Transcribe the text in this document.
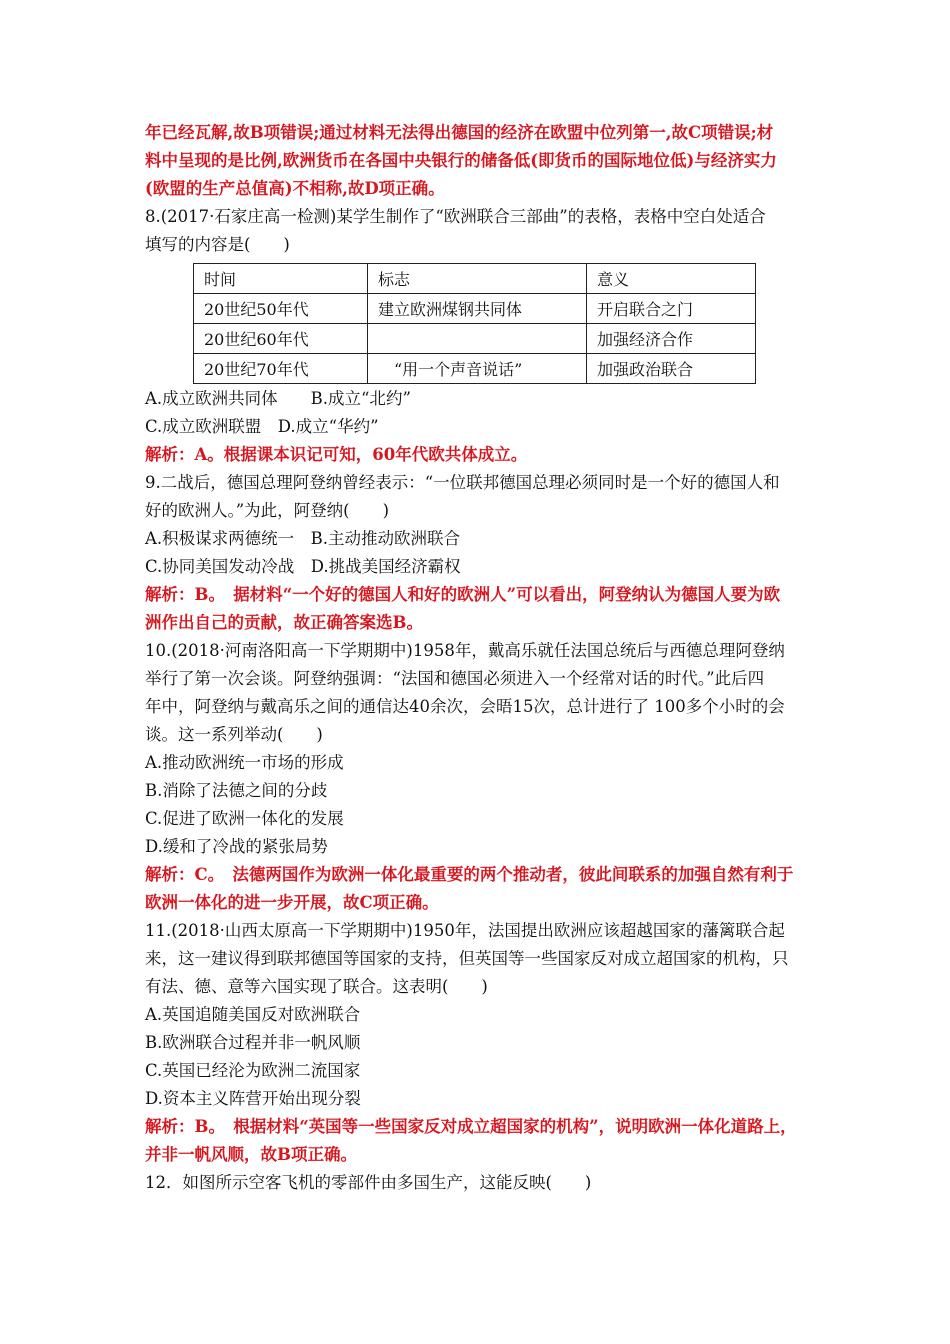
年已经瓦解,故B项错误;通过材料无法得出德国的经济在欧盟中位列第一,故C项错误;材
料中呈现的是比例,欧洲货币在各国中央银行的储备低(即货币的国际地位低)与经济实力
(欧盟的生产总值高)不相称,故D项正确。
8.(2017·石家庄高一检测)某学生制作了“欧洲联合三部曲”的表格，表格中空白处适合
填写的内容是(　　)
时间	标志	意义
20世纪50年代	建立欧洲煤钢共同体	开启联合之门
20世纪60年代		加强经济合作
20世纪70年代	　“用一个声音说话”	加强政治联合
A.成立欧洲共同体　　B.成立“北约”
C.成立欧洲联盟　D.成立“华约”
解析：A。根据课本识记可知，60年代欧共体成立。
9.二战后，德国总理阿登纳曾经表示：“一位联邦德国总理必须同时是一个好的德国人和
好的欧洲人。”为此，阿登纳(　　)
A.积极谋求两德统一　B.主动推动欧洲联合
C.协同美国发动冷战　D.挑战美国经济霸权
解析：B。　据材料“一个好的德国人和好的欧洲人”可以看出，阿登纳认为德国人要为欧
洲作出自己的贡献，故正确答案选B。
10.(2018·河南洛阳高一下学期期中)1958年，戴高乐就任法国总统后与西德总理阿登纳
举行了第一次会谈。阿登纳强调：“法国和德国必须进入一个经常对话的时代。”此后四
年中，阿登纳与戴高乐之间的通信达40余次，会晤15次，总计进行了 100多个小时的会
谈。这一系列举动(　　)
A.推动欧洲统一市场的形成
B.消除了法德之间的分歧
C.促进了欧洲一体化的发展
D.缓和了冷战的紧张局势
解析：C。　法德两国作为欧洲一体化最重要的两个推动者，彼此间联系的加强自然有利于
欧洲一体化的进一步开展，故C项正确。
11.(2018·山西太原高一下学期期中)1950年，法国提出欧洲应该超越国家的藩篱联合起
来，这一建议得到联邦德国等国家的支持，但英国等一些国家反对成立超国家的机构，只
有法、德、意等六国实现了联合。这表明(　　)
A.英国追随美国反对欧洲联合
B.欧洲联合过程并非一帆风顺
C.英国已经沦为欧洲二流国家
D.资本主义阵营开始出现分裂
解析：B。　根据材料“英国等一些国家反对成立超国家的机构”，说明欧洲一体化道路上，
并非一帆风顺，故B项正确。
12．如图所示空客飞机的零部件由多国生产，这能反映(　　)
